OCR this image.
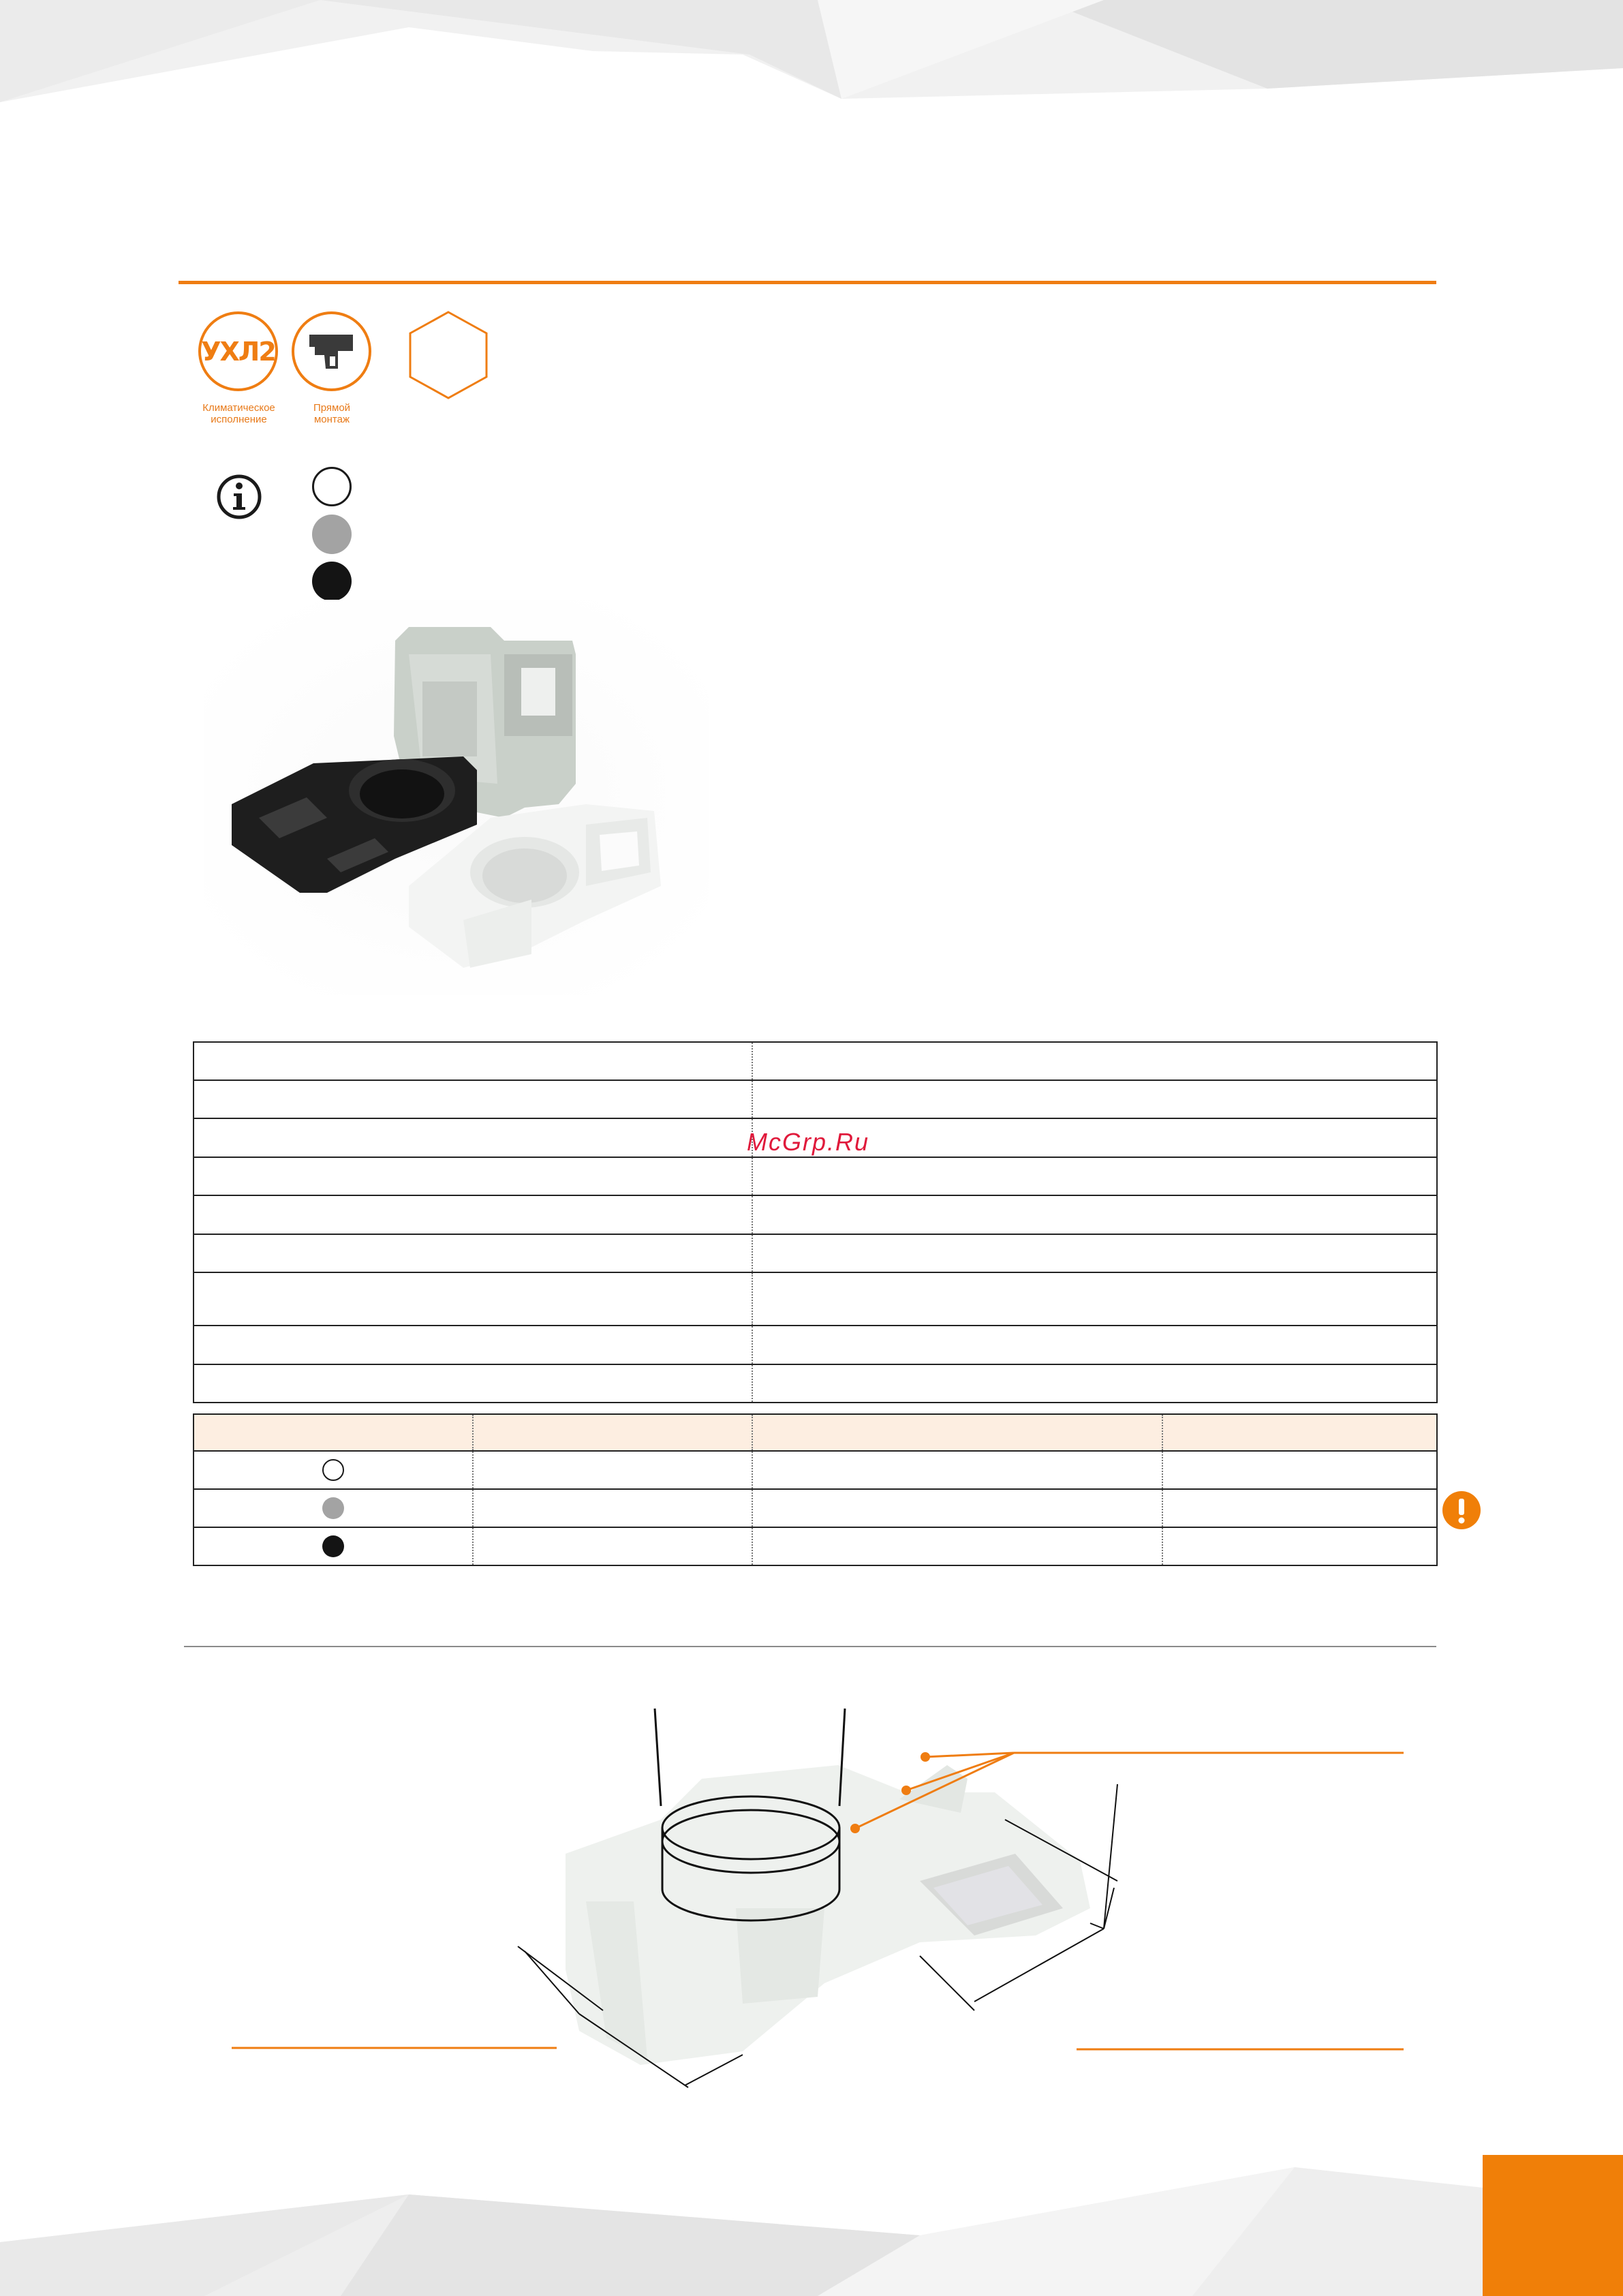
УХЛ2
Климатическое
исполнение
Прямой
монтаж

McGrp.Ru
